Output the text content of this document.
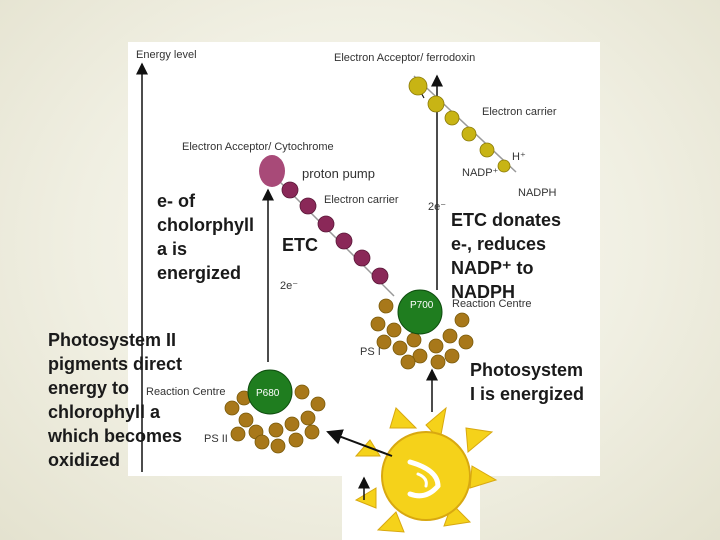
Energy level
Electron Acceptor/ Cytochrome
proton pump
Electron carrier
2e⁻
Electron Acceptor/ ferrodoxin
Electron carrier
H⁺
NADP⁺
NADPH
2e⁻
P700 Reaction Centre
PS I
P680
Reaction Centre
PS II

e- of
cholorphyll
a is
energized

ETC

ETC donates
e-, reduces
NADP⁺ to
NADPH

Photosystem II
pigments direct
energy to
chlorophyll a
which becomes
oxidized

Photosystem
I is energized
